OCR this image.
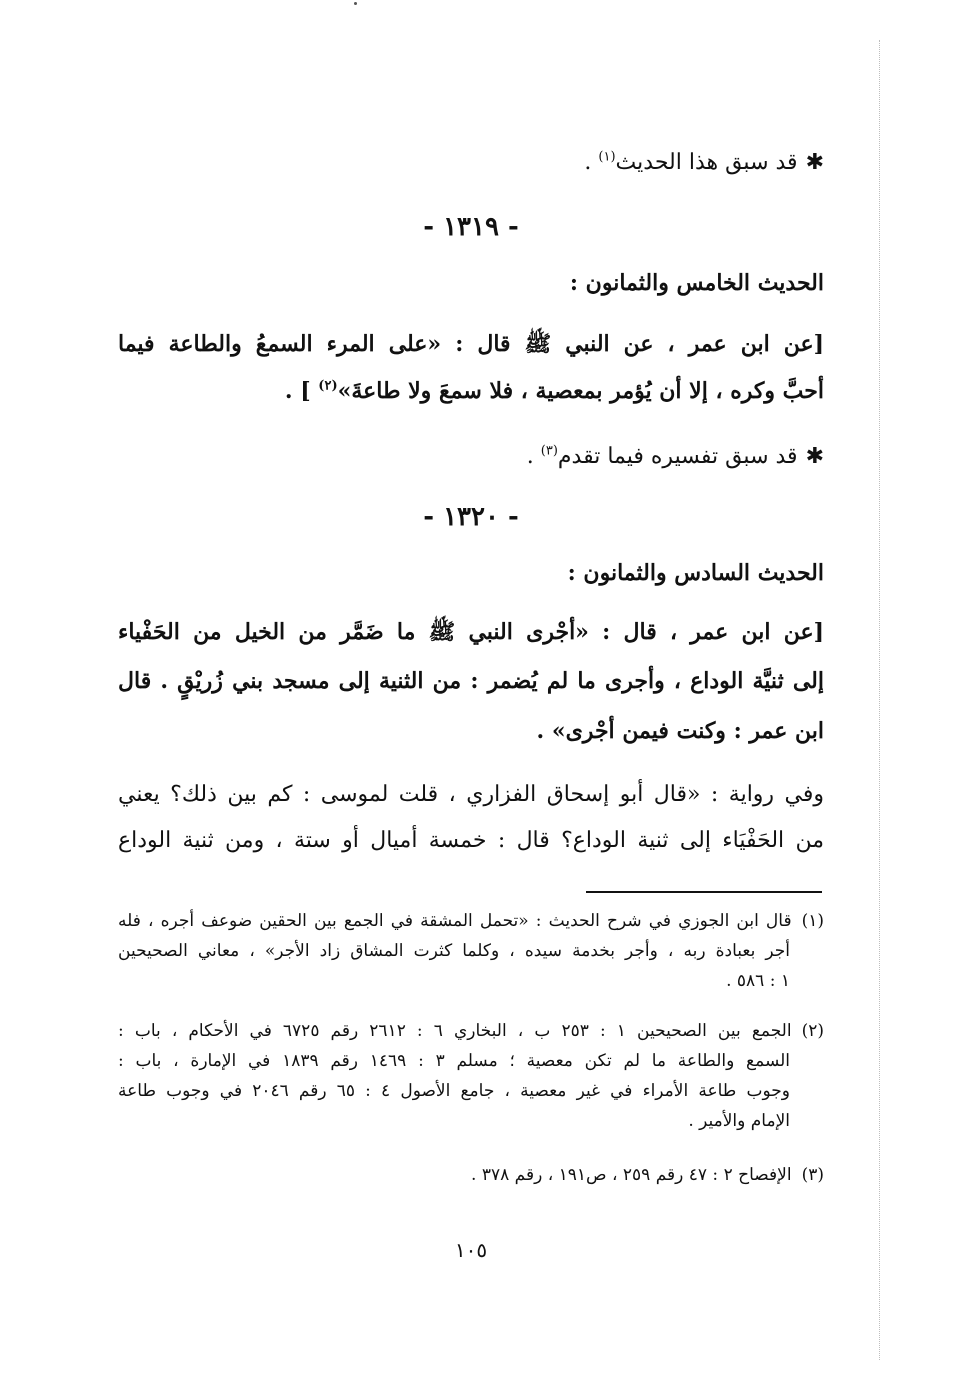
✱قد سبق هذا الحديث$^{(١)}$ .

- ١٣١٩ -

الحديث الخامس والثمانون :

[عن ابن عمر ، عن النبي ﷺ قال : «على المرء السمعُ والطاعة فيما

أحبَّ وكره ، إلا أن يُؤمر بمعصية ، فلا سمعَ ولا طاعةَ»$^{(٢)}$ ] .

✱قد سبق تفسيره فيما تقدم$^{(٣)}$ .

- ١٣٢٠ -

الحديث السادس والثمانون :

[عن ابن عمر ، قال : «أجْرى النبي ﷺ ما ضَمَّر من الخيل من الحَفْياء

إلى ثنيَّة الوداع ، وأجرى ما لم يُضمر : من الثنية إلى مسجد بني زُريْقٍ . قال

ابن عمر : وكنت فيمن أجْرى» .

وفي رواية : «قال أبو إسحاق الفزاري ، قلت لموسى : كم بين ذلك؟ يعني

من الحَفْيَاء إلى ثنية الوداع؟ قال : خمسة أميال أو ستة ، ومن ثنية الوداع

(١)قال ابن الجوزي في شرح الحديث : «تحمل المشقة في الجمع بين الحقين ضوعف أجره ، فله
أجر بعبادة ربه ، وأجر بخدمة سيده ، وكلما كثرت المشاق زاد الأجر» ، معاني الصحيحين
١ : ٥٨٦ .
(٢)الجمع بين الصحيحين ١ : ٢٥٣ ب ، البخاري ٦ : ٢٦١٢ رقم ٦٧٢٥ في الأحكام ، باب :
السمع والطاعة ما لم تكن معصية ؛ مسلم ٣ : ١٤٦٩ رقم ١٨٣٩ في الإمارة ، باب :
وجوب طاعة الأمراء في غير معصية ، جامع الأصول ٤ : ٦٥ رقم ٢٠٤٦ في وجوب طاعة
الإمام والأمير .
(٣)الإفصاح ٢ : ٤٧ رقم ٢٥٩ ، ص١٩١ ، رقم ٣٧٨ .
١٠٥
